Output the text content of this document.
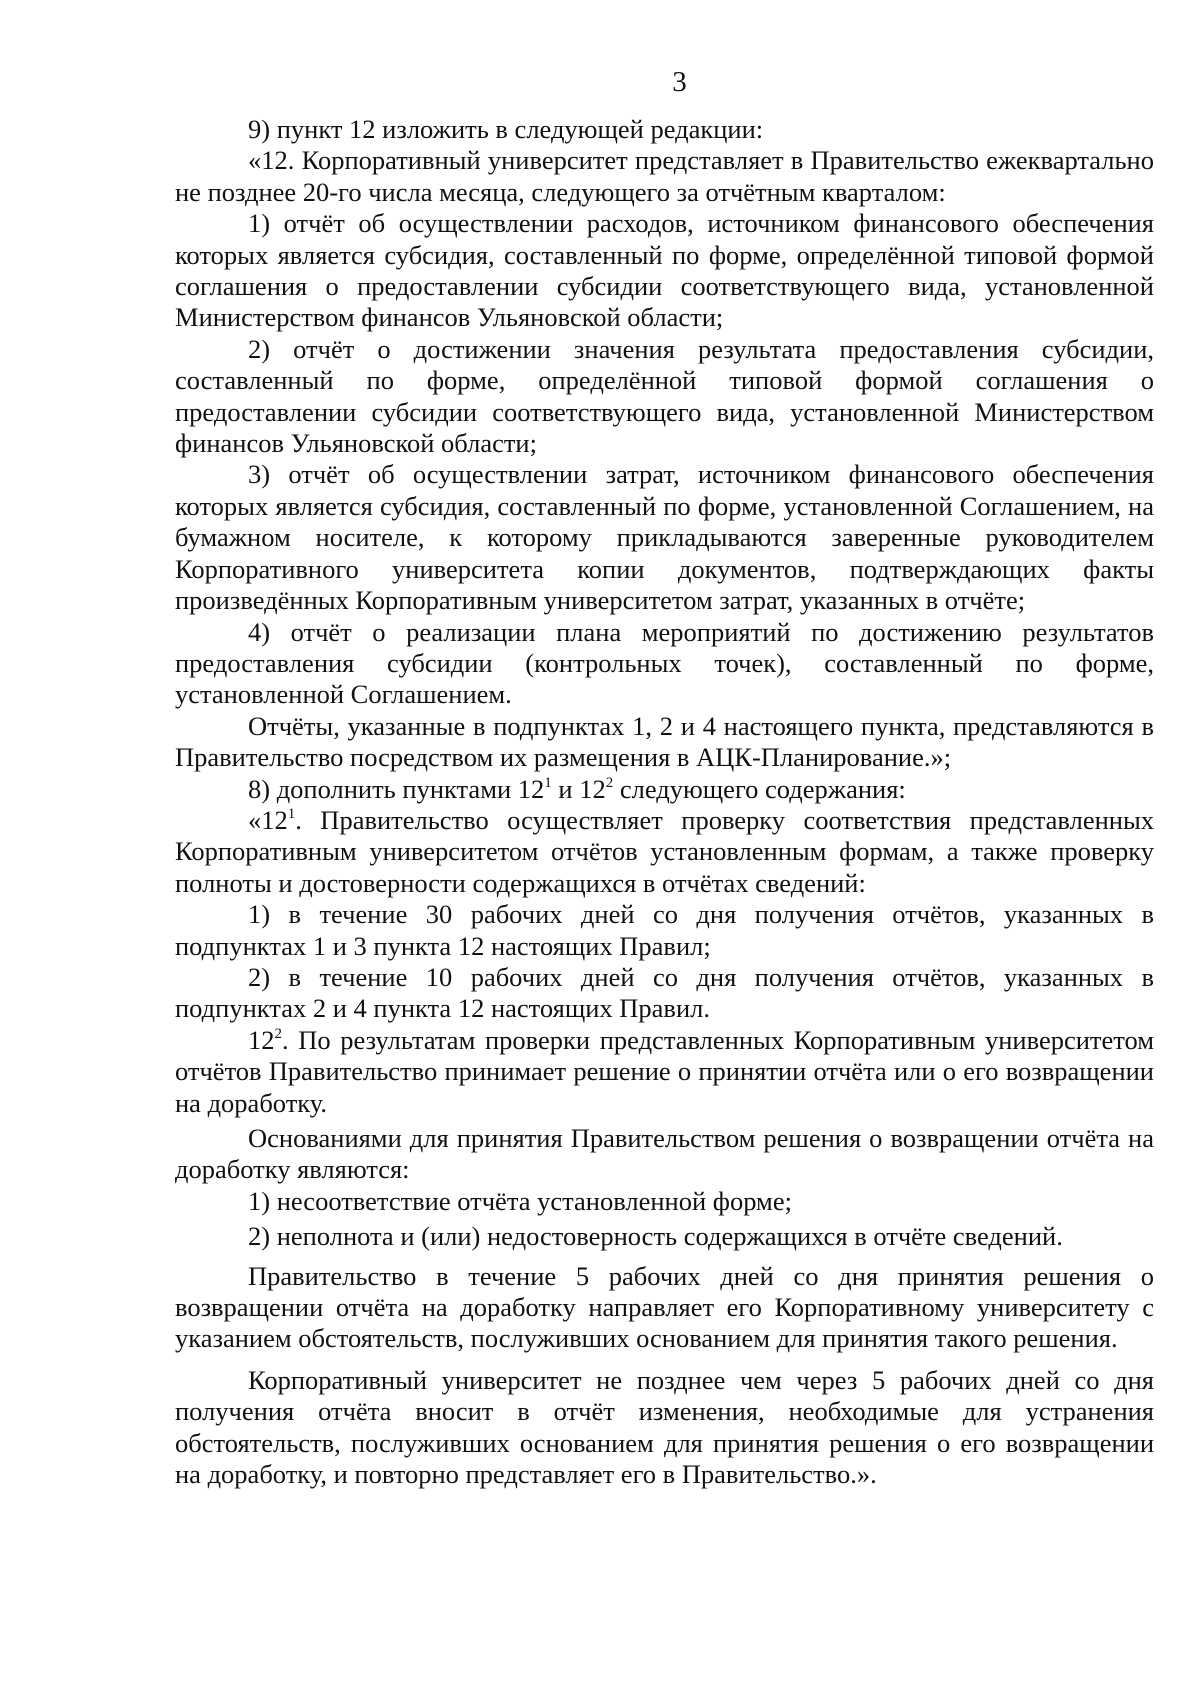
3

9) пункт 12 изложить в следующей редакции:

«12. Корпоративный университет представляет в Правительство ежеквартально не позднее 20-го числа месяца, следующего за отчётным кварталом:

1) отчёт об осуществлении расходов, источником финансового обеспечения которых является субсидия, составленный по форме, определённой типовой формой соглашения о предоставлении субсидии соответствующего вида, установленной Министерством финансов Ульяновской области;

2) отчёт о достижении значения результата предоставления субсидии, составленный по форме, определённой типовой формой соглашения о предоставлении субсидии соответствующего вида, установленной Министерством финансов Ульяновской области;

3) отчёт об осуществлении затрат, источником финансового обеспечения которых является субсидия, составленный по форме, установленной Соглашением, на бумажном носителе, к которому прикладываются заверенные руководителем Корпоративного университета копии документов, подтверждающих факты произведённых Корпоративным университетом затрат, указанных в отчёте;

4) отчёт о реализации плана мероприятий по достижению результатов предоставления субсидии (контрольных точек), составленный по форме, установленной Соглашением.

Отчёты, указанные в подпунктах 1, 2 и 4 настоящего пункта, представляются в Правительство посредством их размещения в АЦК-Планирование.»;

8) дополнить пунктами $12^1$ и $12^2$ следующего содержания:

«$12^1$. Правительство осуществляет проверку соответствия представленных Корпоративным университетом отчётов установленным формам, а также проверку полноты и достоверности содержащихся в отчётах сведений:

1) в течение 30 рабочих дней со дня получения отчётов, указанных в подпунктах 1 и 3 пункта 12 настоящих Правил;

2) в течение 10 рабочих дней со дня получения отчётов, указанных в подпунктах 2 и 4 пункта 12 настоящих Правил.

$12^2$. По результатам проверки представленных Корпоративным университетом отчётов Правительство принимает решение о принятии отчёта или о его возвращении на доработку.

Основаниями для принятия Правительством решения о возвращении отчёта на доработку являются:

1) несоответствие отчёта установленной форме;

2) неполнота и (или) недостоверность содержащихся в отчёте сведений.

Правительство в течение 5 рабочих дней со дня принятия решения о возвращении отчёта на доработку направляет его Корпоративному университету с указанием обстоятельств, послуживших основанием для принятия такого решения.

Корпоративный университет не позднее чем через 5 рабочих дней со дня получения отчёта вносит в отчёт изменения, необходимые для устранения обстоятельств, послуживших основанием для принятия решения о его возвращении на доработку, и повторно представляет его в Правительство.».
